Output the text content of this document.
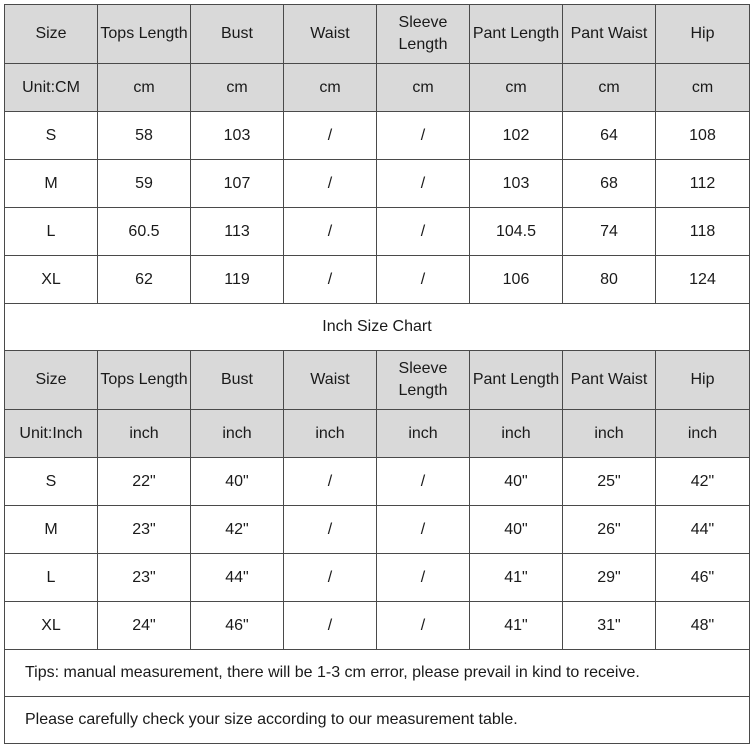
Size	Tops Length	Bust	Waist	Sleeve Length	Pant Length	Pant Waist	Hip
Unit:CM	cm	cm	cm	cm	cm	cm	cm
S	58	103	/	/	102	64	108
M	59	107	/	/	103	68	112
L	60.5	113	/	/	104.5	74	118
XL	62	119	/	/	106	80	124
Inch Size Chart							
Size	Tops Length	Bust	Waist	Sleeve Length	Pant Length	Pant Waist	Hip
Unit:Inch	inch	inch	inch	inch	inch	inch	inch
S	22"	40"	/	/	40"	25"	42"
M	23"	42"	/	/	40"	26"	44"
L	23"	44"	/	/	41"	29"	46"
XL	24"	46"	/	/	41"	31"	48"
Tips: manual measurement, there will be 1-3 cm error, please prevail in kind to receive.							
Please carefully check your size according to our measurement table.							
